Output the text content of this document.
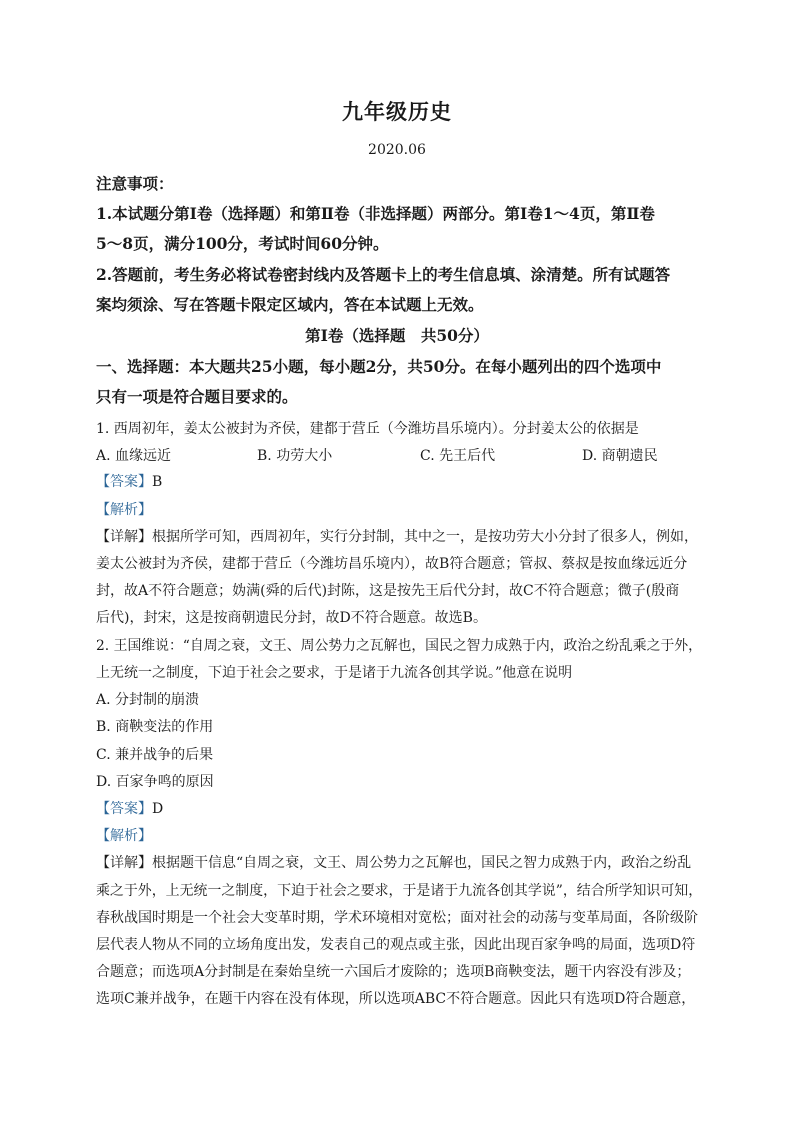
九年级历史
2020.06
注意事项：
1.本试题分第Ⅰ卷（选择题）和第Ⅱ卷（非选择题）两部分。第Ⅰ卷1～4页，第Ⅱ卷
5～8页，满分100分，考试时间60分钟。
2.答题前，考生务必将试卷密封线内及答题卡上的考生信息填、涂清楚。所有试题答
案均须涂、写在答题卡限定区域内，答在本试题上无效。
第Ⅰ卷（选择题　共50分）
一、选择题：本大题共25小题，每小题2分，共50分。在每小题列出的四个选项中
只有一项是符合题目要求的。
1. 西周初年，姜太公被封为齐侯，建都于营丘（今潍坊昌乐境内）。分封姜太公的依据是
A. 血缘远近	B. 功劳大小	C. 先王后代	D. 商朝遗民
【答案】B
【解析】
【详解】根据所学可知，西周初年，实行分封制，其中之一，是按功劳大小分封了很多人，例如，
姜太公被封为齐侯，建都于营丘（今潍坊昌乐境内），故B符合题意；管叔、蔡叔是按血缘远近分
封，故A不符合题意；妫满(舜的后代)封陈，这是按先王后代分封，故C不符合题意；微子(殷商
后代)，封宋，这是按商朝遗民分封，故D不符合题意。故选B。
2. 王国维说：“自周之衰，文王、周公势力之瓦解也，国民之智力成熟于内，政治之纷乱乘之于外，
上无统一之制度，下迫于社会之要求，于是诸于九流各创其学说。”他意在说明
A. 分封制的崩溃
B. 商鞅变法的作用
C. 兼并战争的后果
D. 百家争鸣的原因
【答案】D
【解析】
【详解】根据题干信息“自周之衰，文王、周公势力之瓦解也，国民之智力成熟于内，政治之纷乱
乘之于外，上无统一之制度，下迫于社会之要求，于是诸于九流各创其学说”，结合所学知识可知，
春秋战国时期是一个社会大变革时期，学术环境相对宽松；面对社会的动荡与变革局面，各阶级阶
层代表人物从不同的立场角度出发，发表自己的观点或主张，因此出现百家争鸣的局面，选项D符
合题意；而选项A分封制是在秦始皇统一六国后才废除的；选项B商鞅变法，题干内容没有涉及；
选项C兼并战争，在题干内容在没有体现，所以选项ABC不符合题意。因此只有选项D符合题意，
